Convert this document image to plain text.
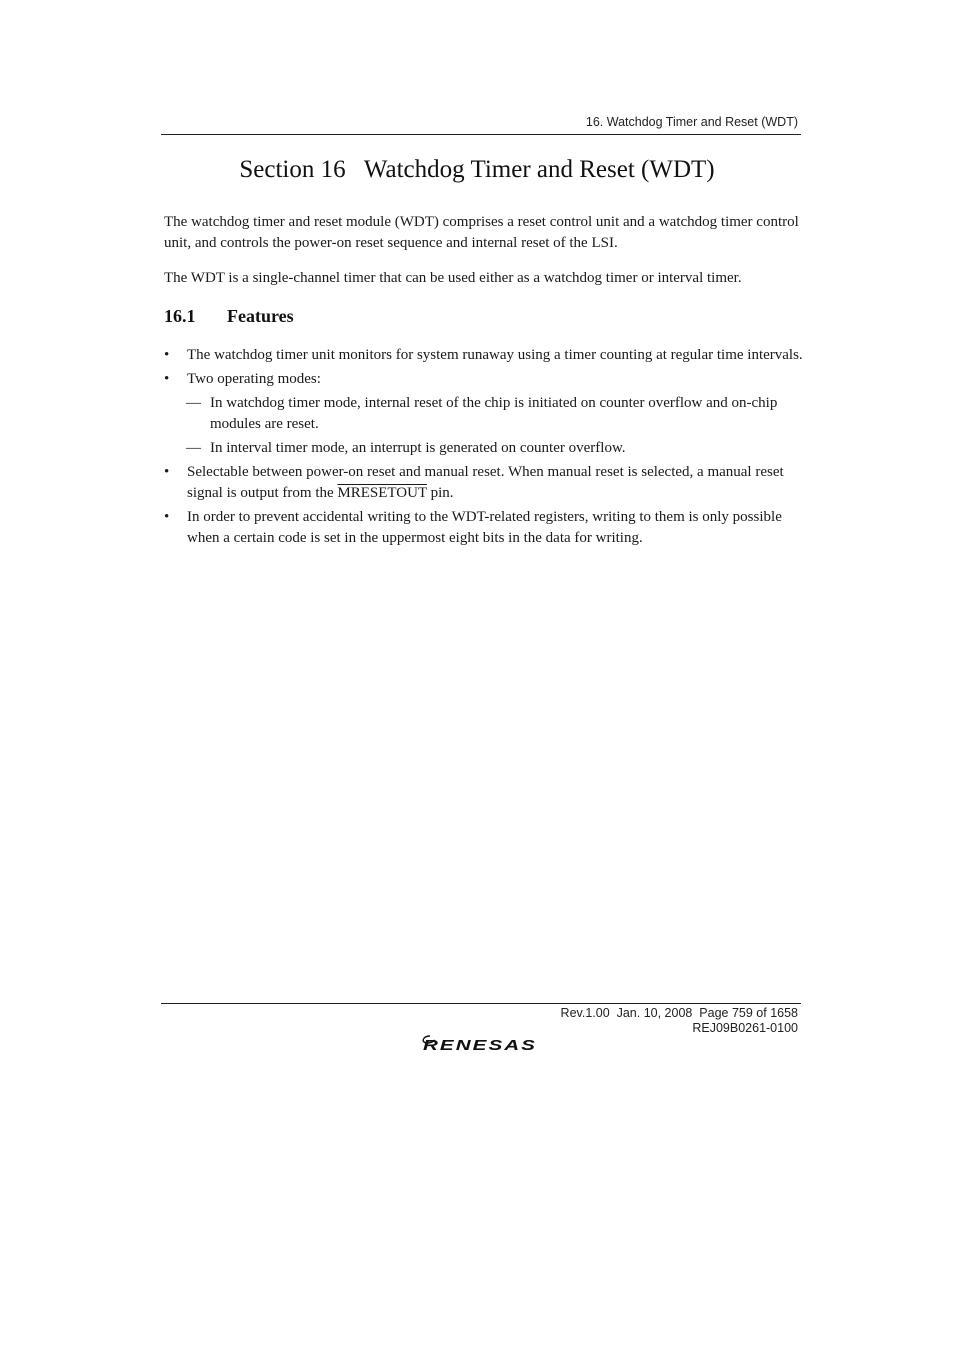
16. Watchdog Timer and Reset (WDT)
Section 16   Watchdog Timer and Reset (WDT)

The watchdog timer and reset module (WDT) comprises a reset control unit and a watchdog timer control unit, and controls the power-on reset sequence and internal reset of the LSI.

The WDT is a single-channel timer that can be used either as a watchdog timer or interval timer.

16.1 Features
• The watchdog timer unit monitors for system runaway using a timer counting at regular time intervals.
• Two operating modes:
— In watchdog timer mode, internal reset of the chip is initiated on counter overflow and on-chip modules are reset.
— In interval timer mode, an interrupt is generated on counter overflow.
• Selectable between power-on reset and manual reset. When manual reset is selected, a manual reset signal is output from the MRESETOUT pin.
• In order to prevent accidental writing to the WDT-related registers, writing to them is only possible when a certain code is set in the uppermost eight bits in the data for writing.
Rev.1.00  Jan. 10, 2008  Page 759 of 1658
REJ09B0261-0100
RENESAS
